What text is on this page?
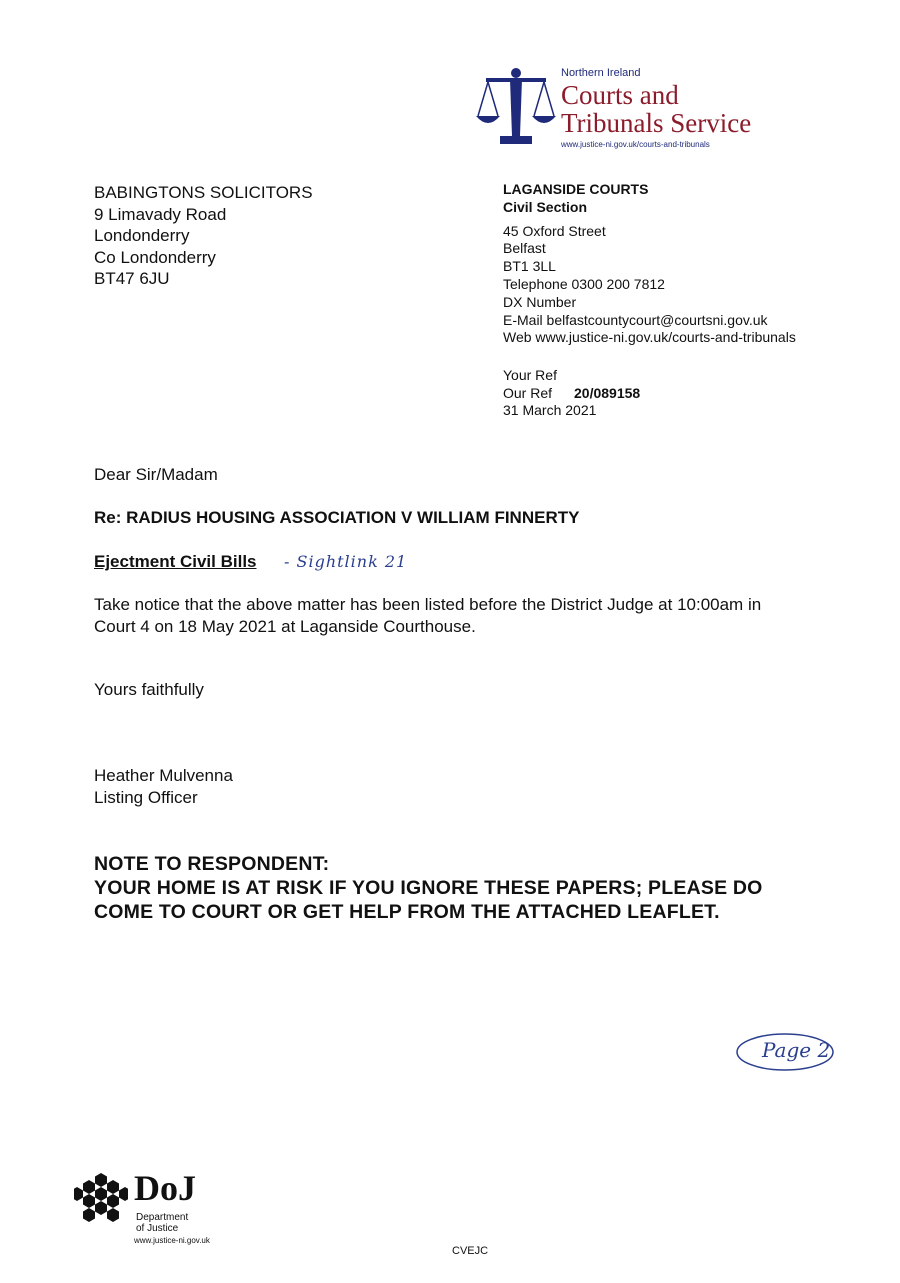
Northern Ireland
Courts and
Tribunals Service
www.justice-ni.gov.uk/courts-and-tribunals
BABINGTONS SOLICITORS
9 Limavady Road
Londonderry
Co Londonderry
BT47 6JU
LAGANSIDE COURTS
Civil Section
45 Oxford Street
Belfast
BT1 3LL
Telephone 0300 200 7812
DX Number
E-Mail belfastcountycourt@courtsni.gov.uk
Web www.justice-ni.gov.uk/courts-and-tribunals
Your Ref
Our Ref 20/089158
31 March 2021
Dear Sir/Madam
Re: RADIUS HOUSING ASSOCIATION V WILLIAM FINNERTY
Ejectment Civil Bills - Sightlink 21
Take notice that the above matter has been listed before the District Judge at 10:00am in
Court 4 on 18 May 2021 at Laganside Courthouse.
Yours faithfully
Heather Mulvenna
Listing Officer
NOTE TO RESPONDENT:
YOUR HOME IS AT RISK IF YOU IGNORE THESE PAPERS; PLEASE DO
COME TO COURT OR GET HELP FROM THE ATTACHED LEAFLET.
Page 2
DoJ
Department
of Justice
www.justice-ni.gov.uk
CVEJC
